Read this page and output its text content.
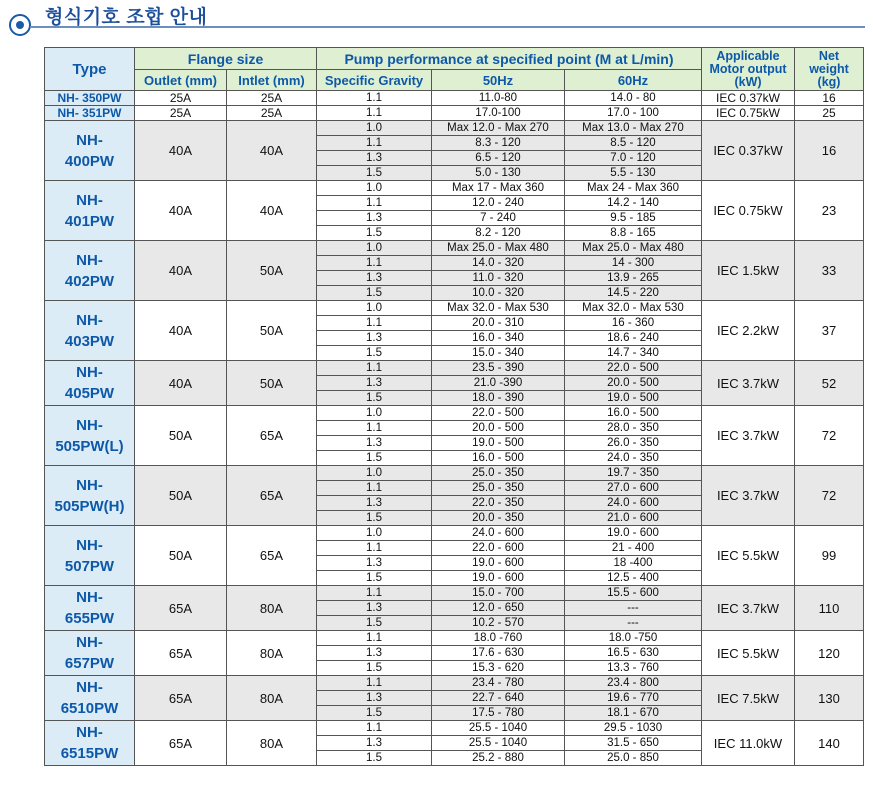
형식기호 조합 안내
Type	Flange size		Pump performance at specified point (M at L/min)			Applicable
Motor output
(kW)	Net
weight
(kg)
	Outlet (mm)	Intlet (mm)	Specific Gravity	50Hz	60Hz		
NH- 350PW	25A	25A	1.1	11.0-80	14.0 - 80	IEC 0.37kW	16
NH- 351PW	25A	25A	1.1	17.0-100	17.0 - 100	IEC 0.75kW	25
NH-
400PW	40A	40A	1.0	Max 12.0 - Max 270	Max 13.0 - Max 270	IEC 0.37kW	16
			1.1	8.3 - 120	8.5 - 120		
			1.3	6.5 - 120	7.0 - 120		
			1.5	5.0 - 130	5.5 - 130		
NH-
401PW	40A	40A	1.0	Max 17 - Max 360	Max 24 - Max 360	IEC 0.75kW	23
			1.1	12.0 - 240	14.2 - 140		
			1.3	7 - 240	9.5 - 185		
			1.5	8.2 - 120	8.8 - 165		
NH-
402PW	40A	50A	1.0	Max 25.0 - Max 480	Max 25.0 - Max 480	IEC 1.5kW	33
			1.1	14.0 - 320	14 - 300		
			1.3	11.0 - 320	13.9 - 265		
			1.5	10.0 - 320	14.5 - 220		
NH-
403PW	40A	50A	1.0	Max 32.0 - Max 530	Max 32.0 - Max 530	IEC 2.2kW	37
			1.1	20.0 - 310	16 - 360		
			1.3	16.0 - 340	18.6 - 240		
			1.5	15.0 - 340	14.7 - 340		
NH-
405PW	40A	50A	1.1	23.5 - 390	22.0 - 500	IEC 3.7kW	52
			1.3	21.0 -390	20.0 - 500		
			1.5	18.0 - 390	19.0 - 500		
NH-
505PW(L)	50A	65A	1.0	22.0 - 500	16.0 - 500	IEC 3.7kW	72
			1.1	20.0 - 500	28.0 - 350		
			1.3	19.0 - 500	26.0 - 350		
			1.5	16.0 - 500	24.0 - 350		
NH-
505PW(H)	50A	65A	1.0	25.0 - 350	19.7 - 350	IEC 3.7kW	72
			1.1	25.0 - 350	27.0 - 600		
			1.3	22.0 - 350	24.0 - 600		
			1.5	20.0 - 350	21.0 - 600		
NH-
507PW	50A	65A	1.0	24.0 - 600	19.0 - 600	IEC 5.5kW	99
			1.1	22.0 - 600	21 - 400		
			1.3	19.0 - 600	18 -400		
			1.5	19.0 - 600	12.5 - 400		
NH-
655PW	65A	80A	1.1	15.0 - 700	15.5 - 600	IEC 3.7kW	110
			1.3	12.0 - 650	---		
			1.5	10.2 - 570	---		
NH-
657PW	65A	80A	1.1	18.0 -760	18.0 -750	IEC 5.5kW	120
			1.3	17.6 - 630	16.5 - 630		
			1.5	15.3 - 620	13.3 - 760		
NH-
6510PW	65A	80A	1.1	23.4 - 780	23.4 - 800	IEC 7.5kW	130
			1.3	22.7 - 640	19.6 - 770		
			1.5	17.5 - 780	18.1 - 670		
NH-
6515PW	65A	80A	1.1	25.5 - 1040	29.5 - 1030	IEC 11.0kW	140
			1.3	25.5 - 1040	31.5 - 650		
			1.5	25.2 - 880	25.0 - 850		
